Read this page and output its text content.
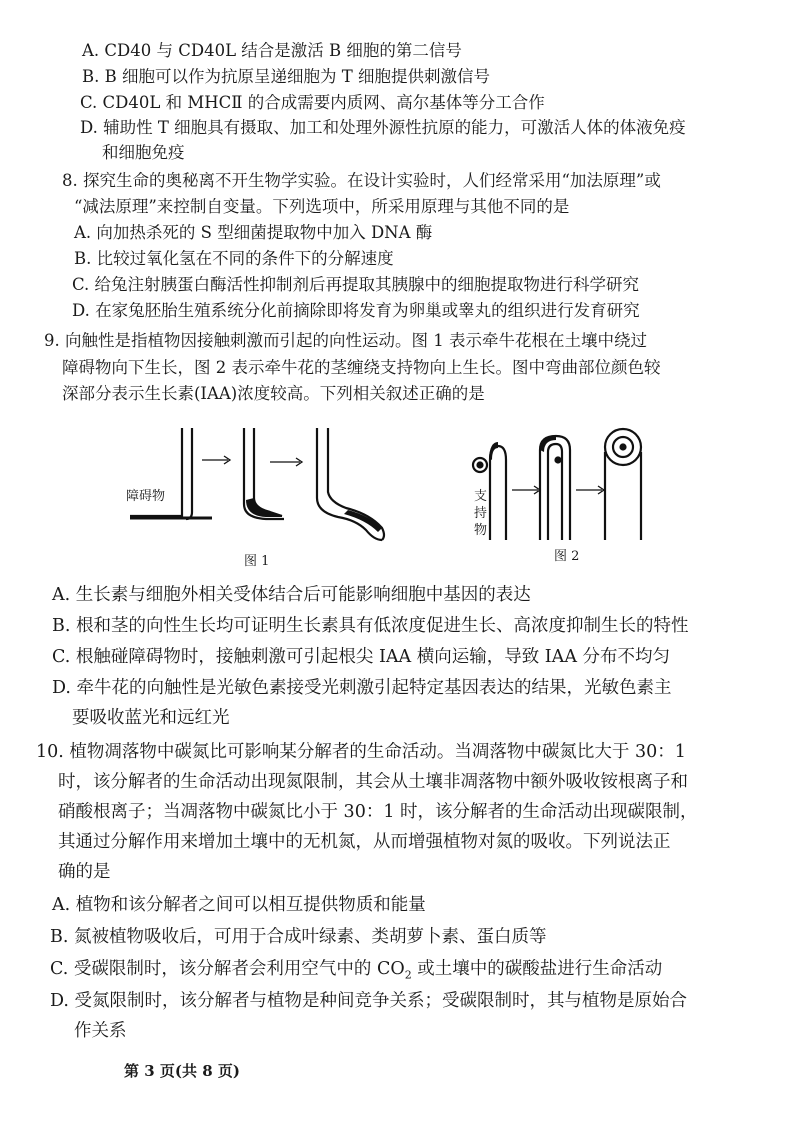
A. CD40 与 CD40L 结合是激活 B 细胞的第二信号
B. B 细胞可以作为抗原呈递细胞为 T 细胞提供刺激信号
C. CD40L 和 MHCⅡ 的合成需要内质网、高尔基体等分工合作
D. 辅助性 T 细胞具有摄取、加工和处理外源性抗原的能力，可激活人体的体液免疫
和细胞免疫
8. 探究生命的奥秘离不开生物学实验。在设计实验时，人们经常采用“加法原理”或
“减法原理”来控制自变量。下列选项中，所采用原理与其他不同的是
A. 向加热杀死的 S 型细菌提取物中加入 DNA 酶
B. 比较过氧化氢在不同的条件下的分解速度
C. 给兔注射胰蛋白酶活性抑制剂后再提取其胰腺中的细胞提取物进行科学研究
D. 在家兔胚胎生殖系统分化前摘除即将发育为卵巢或睾丸的组织进行发育研究
9. 向触性是指植物因接触刺激而引起的向性运动。图 1 表示牵牛花根在土壤中绕过
障碍物向下生长，图 2 表示牵牛花的茎缠绕支持物向上生长。图中弯曲部位颜色较
深部分表示生长素(IAA)浓度较高。下列相关叙述正确的是
障碍物
图 1
支持物
图 2
A. 生长素与细胞外相关受体结合后可能影响细胞中基因的表达
B. 根和茎的向性生长均可证明生长素具有低浓度促进生长、高浓度抑制生长的特性
C. 根触碰障碍物时，接触刺激可引起根尖 IAA 横向运输，导致 IAA 分布不均匀
D. 牵牛花的向触性是光敏色素接受光刺激引起特定基因表达的结果，光敏色素主
要吸收蓝光和远红光
10. 植物凋落物中碳氮比可影响某分解者的生命活动。当凋落物中碳氮比大于 30：1
时，该分解者的生命活动出现氮限制，其会从土壤非凋落物中额外吸收铵根离子和
硝酸根离子；当凋落物中碳氮比小于 30：1 时，该分解者的生命活动出现碳限制，
其通过分解作用来增加土壤中的无机氮，从而增强植物对氮的吸收。下列说法正
确的是
A. 植物和该分解者之间可以相互提供物质和能量
B. 氮被植物吸收后，可用于合成叶绿素、类胡萝卜素、蛋白质等
C. 受碳限制时，该分解者会利用空气中的 $CO_2$ 或土壤中的碳酸盐进行生命活动
D. 受氮限制时，该分解者与植物是种间竞争关系；受碳限制时，其与植物是原始合
作关系
第 3 页(共 8 页)
